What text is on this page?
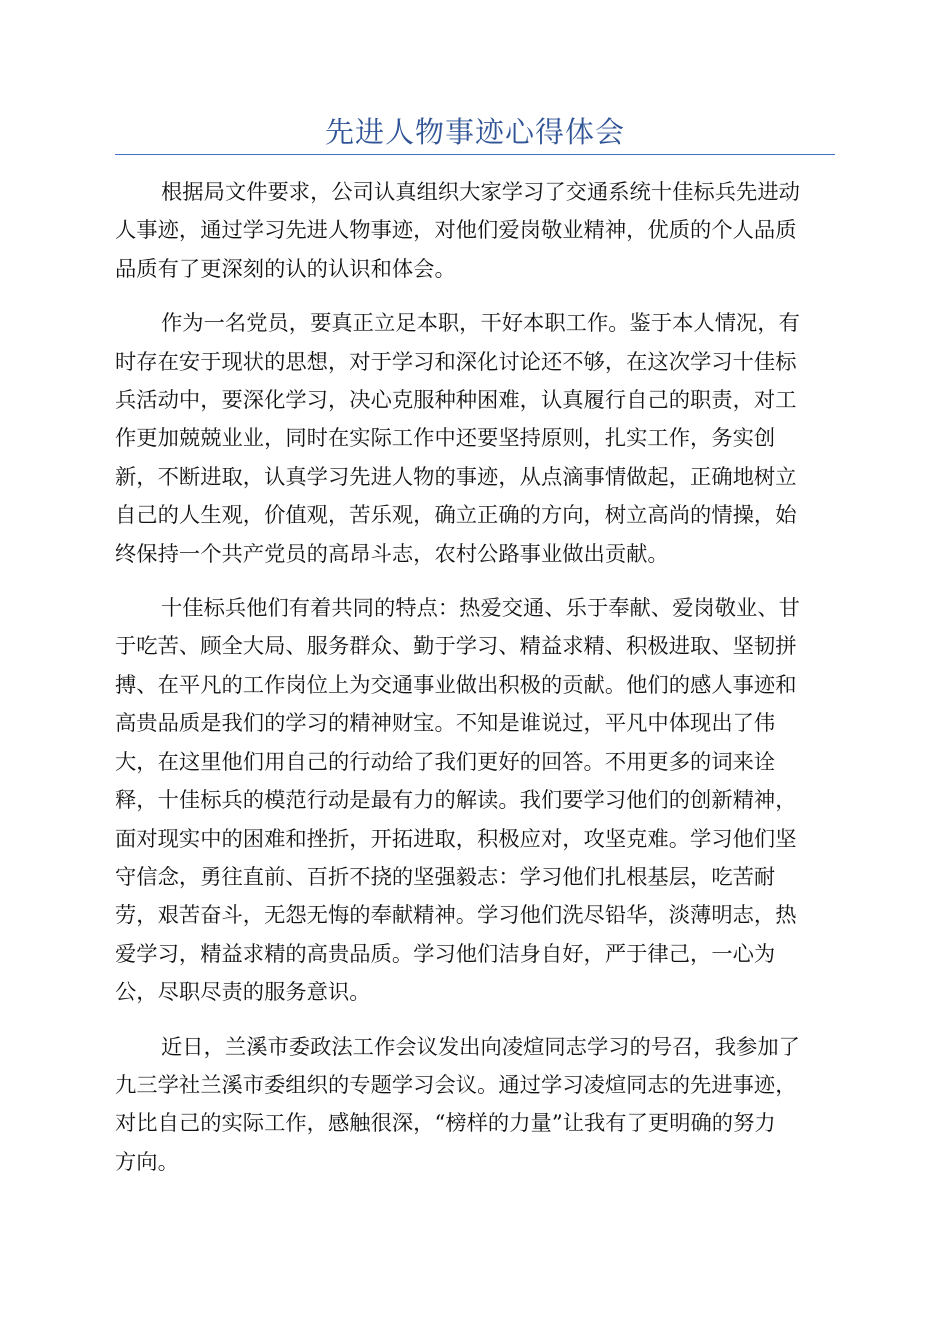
先进人物事迹心得体会
根据局文件要求，公司认真组织大家学习了交通系统十佳标兵先进动
人事迹，通过学习先进人物事迹，对他们爱岗敬业精神，优质的个人品质
品质有了更深刻的认的认识和体会。
作为一名党员，要真正立足本职，干好本职工作。鉴于本人情况，有
时存在安于现状的思想，对于学习和深化讨论还不够，在这次学习十佳标
兵活动中，要深化学习，决心克服种种困难，认真履行自己的职责，对工
作更加兢兢业业，同时在实际工作中还要坚持原则，扎实工作，务实创
新，不断进取，认真学习先进人物的事迹，从点滴事情做起，正确地树立
自己的人生观，价值观，苦乐观，确立正确的方向，树立高尚的情操，始
终保持一个共产党员的高昂斗志，农村公路事业做出贡献。
十佳标兵他们有着共同的特点：热爱交通、乐于奉献、爱岗敬业、甘
于吃苦、顾全大局、服务群众、勤于学习、精益求精、积极进取、坚韧拼
搏、在平凡的工作岗位上为交通事业做出积极的贡献。他们的感人事迹和
高贵品质是我们的学习的精神财宝。不知是谁说过，平凡中体现出了伟
大，在这里他们用自己的行动给了我们更好的回答。不用更多的词来诠
释，十佳标兵的模范行动是最有力的解读。我们要学习他们的创新精神，
面对现实中的困难和挫折，开拓进取，积极应对，攻坚克难。学习他们坚
守信念，勇往直前、百折不挠的坚强毅志：学习他们扎根基层，吃苦耐
劳，艰苦奋斗，无怨无悔的奉献精神。学习他们洗尽铅华，淡薄明志，热
爱学习，精益求精的高贵品质。学习他们洁身自好，严于律己，一心为
公，尽职尽责的服务意识。
近日，兰溪市委政法工作会议发出向凌煊同志学习的号召，我参加了
九三学社兰溪市委组织的专题学习会议。通过学习凌煊同志的先进事迹，
对比自己的实际工作，感触很深，“榜样的力量”让我有了更明确的努力
方向。
